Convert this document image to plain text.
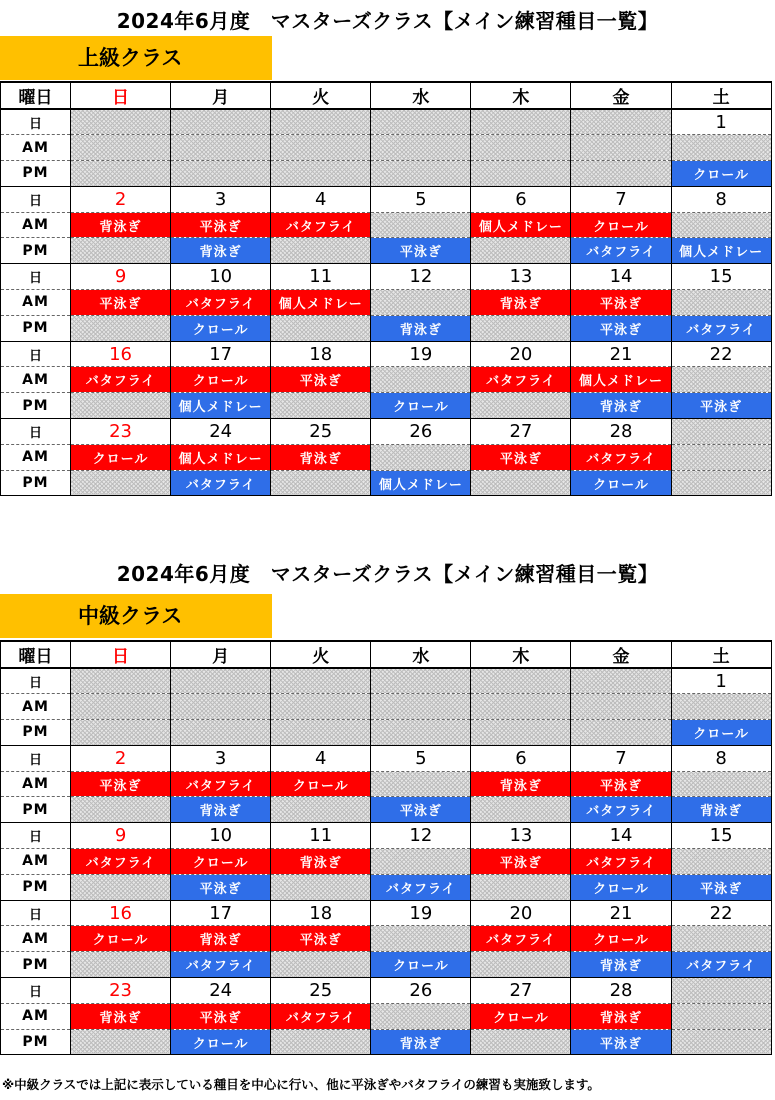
2024年6月度　マスターズクラス【メイン練習種目一覧】
上級クラス
曜日	日	月	火	水	木	金	土
日							1
AM							
PM							クロール
日	2	3	4	5	6	7	8
AM	背泳ぎ	平泳ぎ	バタフライ		個人メドレー	クロール	
PM		背泳ぎ		平泳ぎ		バタフライ	個人メドレー
日	9	10	11	12	13	14	15
AM	平泳ぎ	バタフライ	個人メドレー		背泳ぎ	平泳ぎ	
PM		クロール		背泳ぎ		平泳ぎ	バタフライ
日	16	17	18	19	20	21	22
AM	バタフライ	クロール	平泳ぎ		バタフライ	個人メドレー	
PM		個人メドレー		クロール		背泳ぎ	平泳ぎ
日	23	24	25	26	27	28	
AM	クロール	個人メドレー	背泳ぎ		平泳ぎ	バタフライ	
PM		バタフライ		個人メドレー		クロール	
2024年6月度　マスターズクラス【メイン練習種目一覧】
中級クラス
曜日	日	月	火	水	木	金	土
日							1
AM							
PM							クロール
日	2	3	4	5	6	7	8
AM	平泳ぎ	バタフライ	クロール		背泳ぎ	平泳ぎ	
PM		背泳ぎ		平泳ぎ		バタフライ	背泳ぎ
日	9	10	11	12	13	14	15
AM	バタフライ	クロール	背泳ぎ		平泳ぎ	バタフライ	
PM		平泳ぎ		バタフライ		クロール	平泳ぎ
日	16	17	18	19	20	21	22
AM	クロール	背泳ぎ	平泳ぎ		バタフライ	クロール	
PM		バタフライ		クロール		背泳ぎ	バタフライ
日	23	24	25	26	27	28	
AM	背泳ぎ	平泳ぎ	バタフライ		クロール	背泳ぎ	
PM		クロール		背泳ぎ		平泳ぎ	
※中級クラスでは上記に表示している種目を中心に行い、他に平泳ぎやバタフライの練習も実施致します。
